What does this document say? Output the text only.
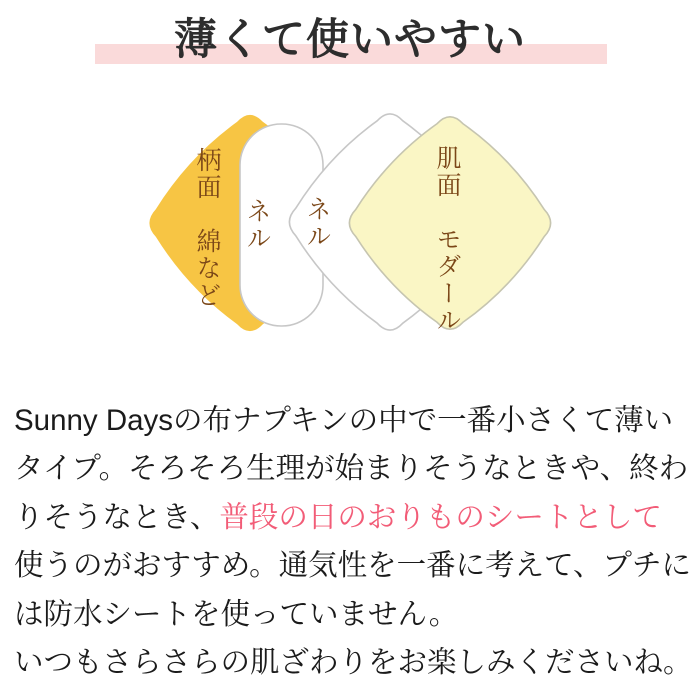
薄くて使いやすい
柄面　綿など ネル ネル	肌面　モダール
Sunny Daysの布ナプキンの中で一番小さくて薄い
タイプ。そろそろ生理が始まりそうなときや、終わ
りそうなとき、普段の日のおりものシートとして
使うのがおすすめ。通気性を一番に考えて、プチに
は防水シートを使っていません。
いつもさらさらの肌ざわりをお楽しみくださいね。
